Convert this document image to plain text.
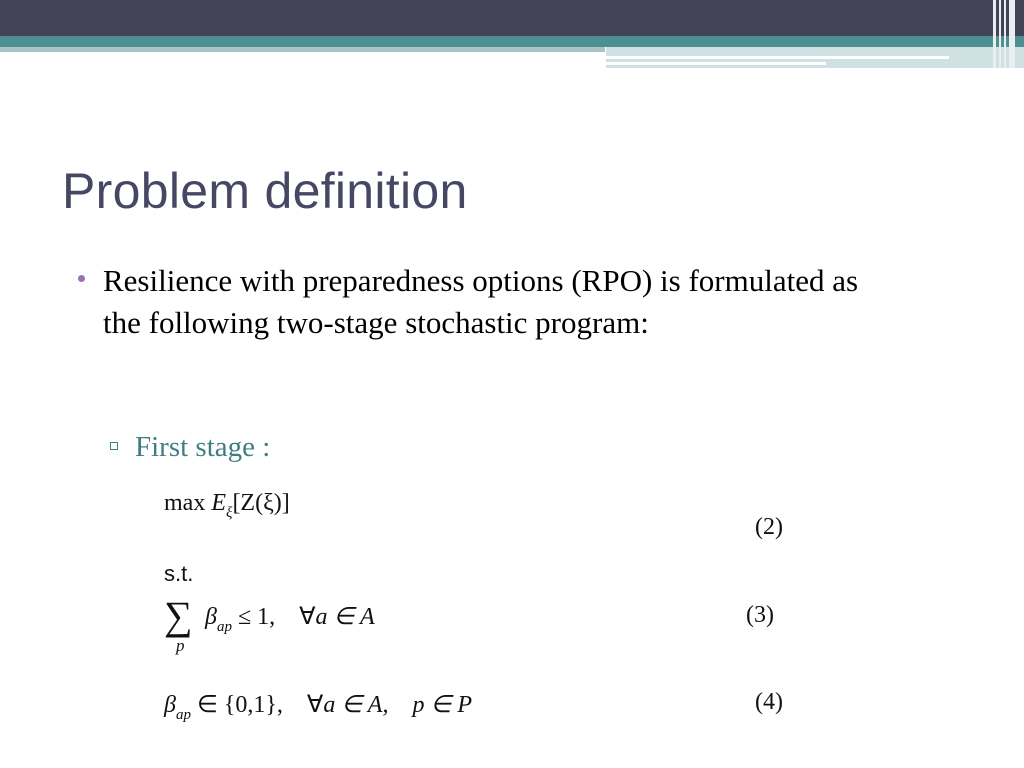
Problem definition

Resilience with preparedness options (RPO) is formulated as the following two-stage stochastic program:

First stage :
$\max E_\xi[Z(\xi)]$
(2)
s.t.
∑
p
$\beta_{ap} \le 1$, ∀a ∈ A	(3)
$\beta_{ap}$ ∈ {0,1}, ∀a ∈ A, p ∈ P	(4)
